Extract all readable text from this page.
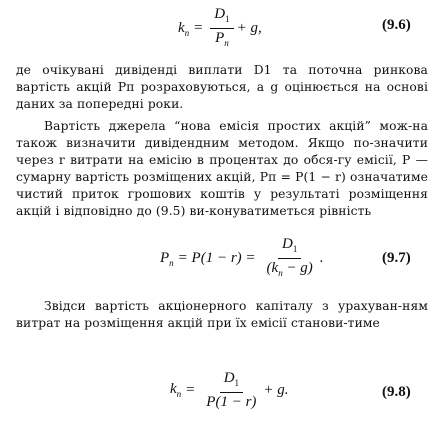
$k_п = \frac{D_1}{P_п} + g$,	(9.6)

де очікувані дивіденді виплати D1 та поточна ринкова вартість акцій Pп розраховуються, а g оцінюється на основі даних за попередні роки.

Вартість джерела “нова емісія простих акцій” мож-на також визначити дивідендним методом. Якщо по-значити через r витрати на емісію в процентах до обся-гу емісії, P — сумарну вартість розміщених акцій, Pп = P(1 − r) означатиме чистий приток грошових коштів у результаті розміщення акцій і відповідно до (9.5) ви-конуватиметься рівність

$P_п = P(1 - r) = \frac{D_1}{(k_п - g)}$ .	(9.7)

Звідси вартість акціонерного капіталу з урахуван-ням витрат на розміщення акцій при їх емісії станови-тиме

$k_п = \frac{D_1}{P(1 - r)} + g$.	(9.8)
